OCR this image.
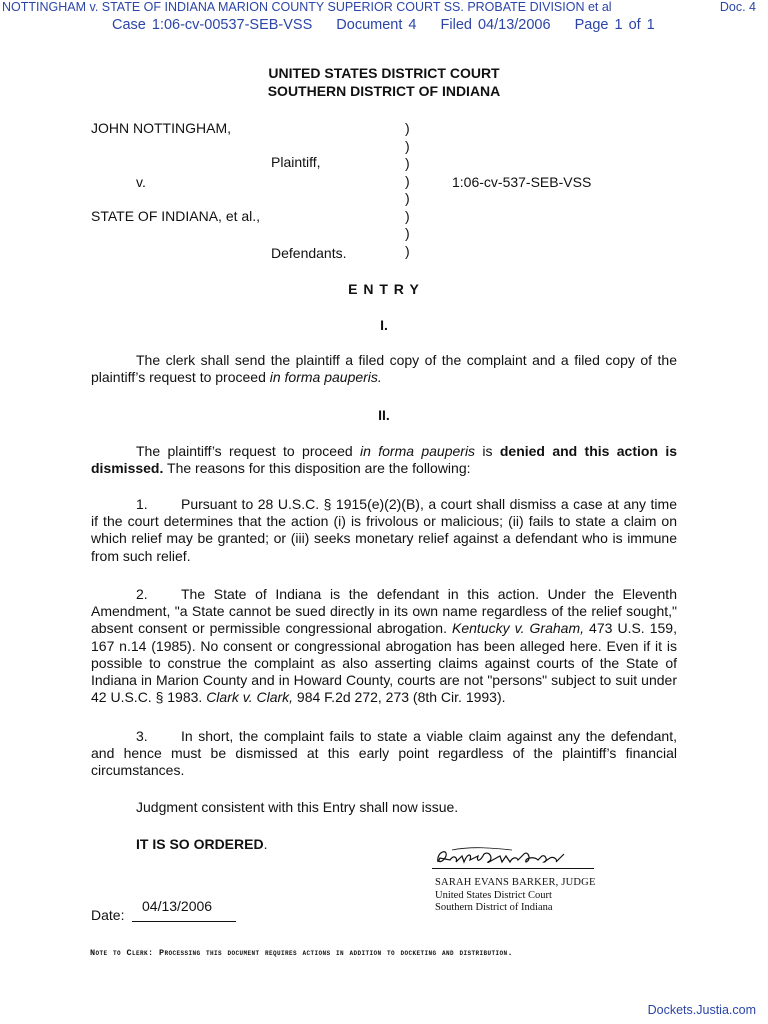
NOTTINGHAM v. STATE OF INDIANA MARION COUNTY SUPERIOR COURT SS. PROBATE DIVISION et al	Doc. 4
Case 1:06-cv-00537-SEB-VSS Document 4 Filed 04/13/2006 Page 1 of 1
UNITED STATES DISTRICT COURT
SOUTHERN DISTRICT OF INDIANA
JOHN NOTTINGHAM,
Plaintiff,
v.	1:06-cv-537-SEB-VSS
STATE OF INDIANA, et al.,
Defendants.
)
)
)
)
)
)
)
)
E N T R Y
I.
The clerk shall send the plaintiff a filed copy of the complaint and a filed copy of the plaintiff’s request to proceed in forma pauperis.
II.
The plaintiff’s request to proceed in forma pauperis is denied and this action is dismissed. The reasons for this disposition are the following:
1. Pursuant to 28 U.S.C. § 1915(e)(2)(B), a court shall dismiss a case at any time if the court determines that the action (i) is frivolous or malicious; (ii) fails to state a claim on which relief may be granted; or (iii) seeks monetary relief against a defendant who is immune from such relief.
2. The State of Indiana is the defendant in this action. Under the Eleventh Amendment, "a State cannot be sued directly in its own name regardless of the relief sought," absent consent or permissible congressional abrogation. Kentucky v. Graham, 473 U.S. 159, 167 n.14 (1985). No consent or congressional abrogation has been alleged here. Even if it is possible to construe the complaint as also asserting claims against courts of the State of Indiana in Marion County and in Howard County, courts are not "persons" subject to suit under 42 U.S.C. § 1983. Clark v. Clark, 984 F.2d 272, 273 (8th Cir. 1993).
3. In short, the complaint fails to state a viable claim against any the defendant, and hence must be dismissed at this early point regardless of the plaintiff’s financial circumstances.
Judgment consistent with this Entry shall now issue.
IT IS SO ORDERED.
SARAH EVANS BARKER, JUDGE
United States District Court
Southern District of Indiana
Date:
04/13/2006
Note to Clerk: Processing this document requires actions in addition to docketing and distribution.
Dockets.Justia.com
